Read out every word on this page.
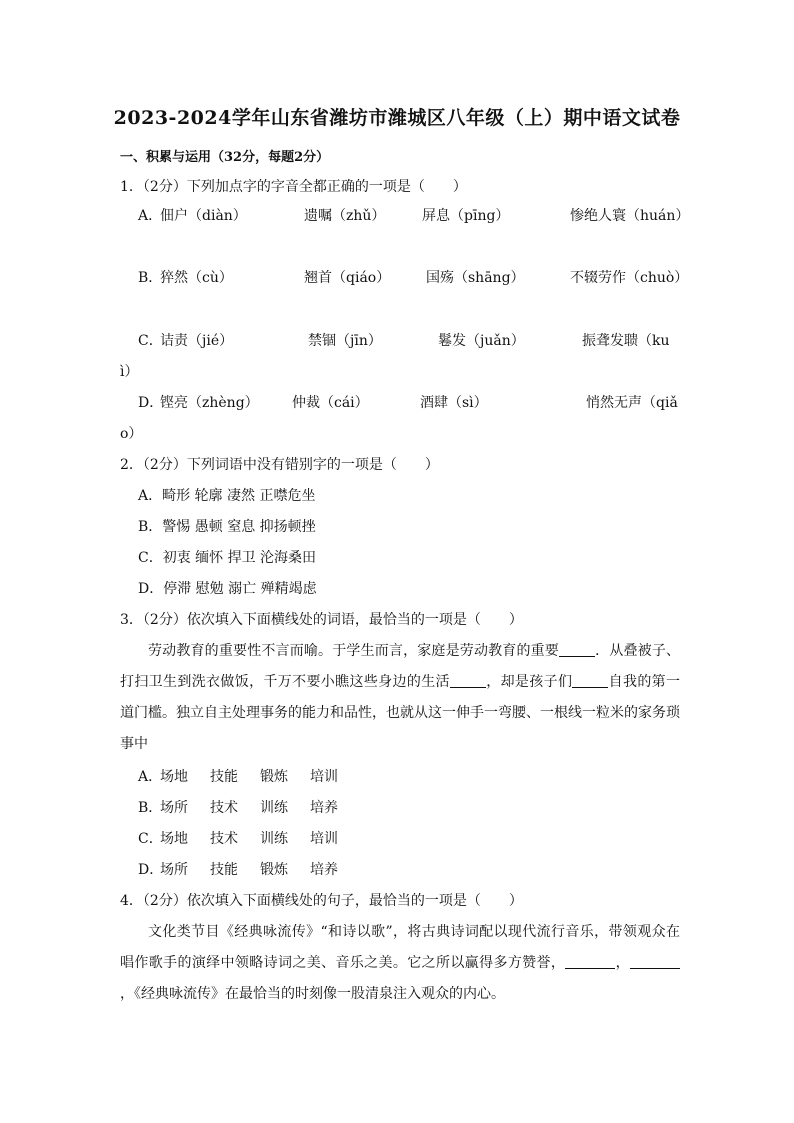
2023-2024学年山东省潍坊市潍城区八年级（上）期中语文试卷
一、积累与运用（32分，每题2分）
1．（2分）下列加点字的字音全都正确的一项是（　　）
A．
佃户（diàn）	遗嘱（zhǔ）	屏息（pīng）	惨绝人寰（huán）
B．
猝然（cù）	翘首（qiáo）	国殇（shāng）	不辍劳作（chuò）
C．
诘责（jié）	禁锢（jīn）	鬈发（juǎn）	振聋发聩（ku
ì）
D．
铿亮（zhèng） 仲裁（cái）	酒肆（sì）	悄然无声（qiǎ
o）
2．（2分）下列词语中没有错别字的一项是（　　）
A．畸形 轮廓 凄然 正噤危坐
B．警惕 愚顿 窒息 抑扬顿挫
C．初衷 缅怀 捍卫 沦海桑田
D．停滞 慰勉 溺亡 殚精竭虑
3．（2分）依次填入下面横线处的词语，最恰当的一项是（　　）
劳动教育的重要性不言而喻。于学生而言，家庭是劳动教育的重要	．从叠被子、打扫卫生到洗衣做饭，千万不要小瞧这些身边的生活	，却是孩子们	自我的第一道门槛。独立自主处理事务的能力和品性，也就从这一伸手一弯腰、一根线一粒米的家务琐事中
A．
场地 技能 锻炼 培训
B．
场所 技术 训练 培养
C．
场地 技术 训练 培训
D．
场所 技能 锻炼 培养
4．（2分）依次填入下面横线处的句子，最恰当的一项是（　　）
文化类节目《经典咏流传》“和诗以歌”，将古典诗词配以现代流行音乐，带领观众在唱作歌手的演绎中领略诗词之美、音乐之美。它之所以赢得多方赞誉，	，，《经典咏流传》在最恰当的时刻像一股清泉注入观众的内心。
